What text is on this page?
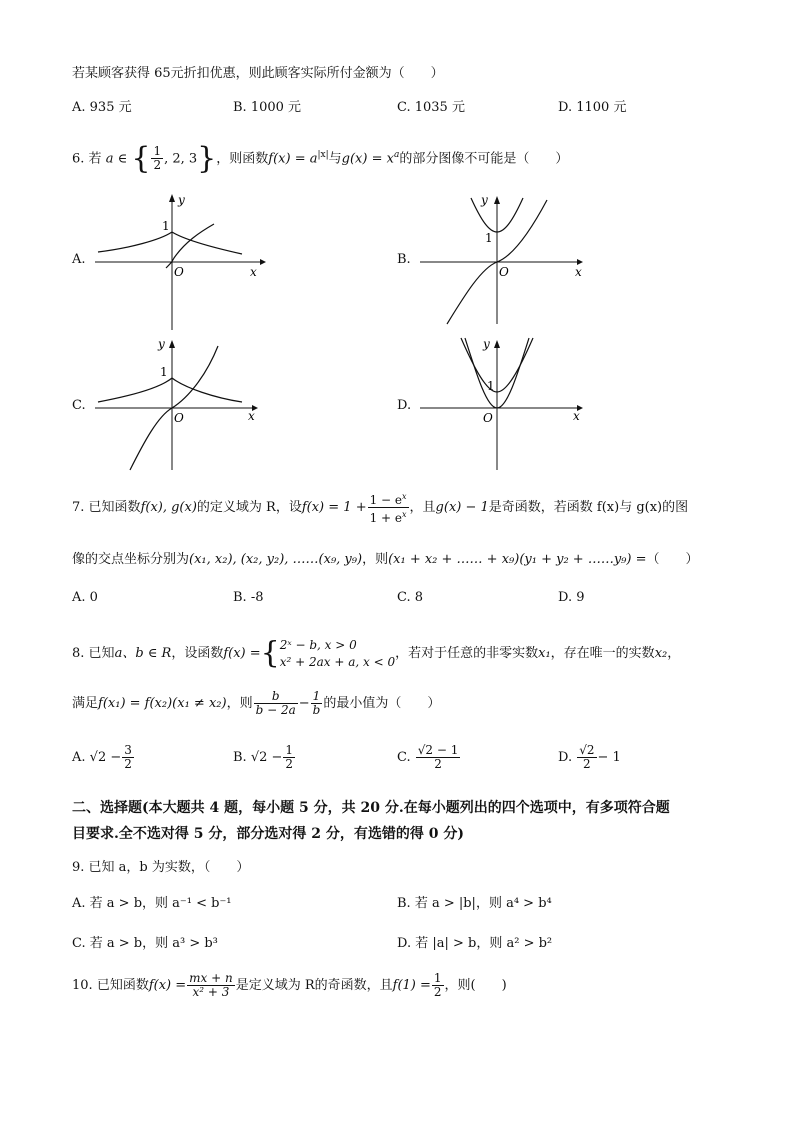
若某顾客获得 65元折扣优惠，则此顾客实际所付金额为（　　）
A. 935 元	B. 1000 元	C. 1035 元	D. 1100 元
6. 若 a ∈ { $\frac{1}{2}$ , 2, 3}，则函数$f(x) = a^{|x|}$与$g(x) = x^a$的部分图像不可能是（　　）
A.
y
x
O
1
B.
y
x
O
1
C.
y
x
O
1
D.
y
x
O
1
7. 已知函数f(x), g(x)的定义域为 R，设$f(x) = 1 + \frac{1 - e^x}{1 + e^x}$ ，且g(x) − 1是奇函数，若函数 f(x)与 g(x)的图
像的交点坐标分别为(x₁, x₂), (x₂, y₂), ……(x₉, y₉)，则(x₁ + x₂ + …… + x₉)(y₁ + y₂ + ……y₉) =（　　）
A. 0	B. -8	C. 8	D. 9
8. 已知a、b ∈ R，设函数f(x) ={ 2ˣ − b, x > 0
x² + 2ax + a, x < 0
，若对于任意的非零实数x₁，存在唯一的实数x₂，
满足f(x₁) = f(x₂)(x₁ ≠ x₂)，则 $\frac{b}{b - 2a} - \frac{1}{b}$ 的最小值为（　　）
A. $√2 - \frac{3}{2}$	B. $√2 - \frac{1}{2}$	C. $\frac{√2 - 1}{2}$	D. $\frac{√2}{2} - 1$
二、选择题(本大题共 4 题，每小题 5 分，共 20 分.在每小题列出的四个选项中，有多项符合题
目要求.全不选对得 5 分，部分选对得 2 分，有选错的得 0 分)
9. 已知 a，b 为实数，（　　）
A. 若 a > b，则 a⁻¹ < b⁻¹	B. 若 a > |b|，则 a⁴ > b⁴
C. 若 a > b，则 a³ > b³	D. 若 |a| > b，则 a² > b²
10. 已知函数$f(x) = \frac{mx + n}{\text{x² + 3}}$ 是定义域为 R的奇函数，且$f(1) = \frac{1}{2}$ ，则(　　)
